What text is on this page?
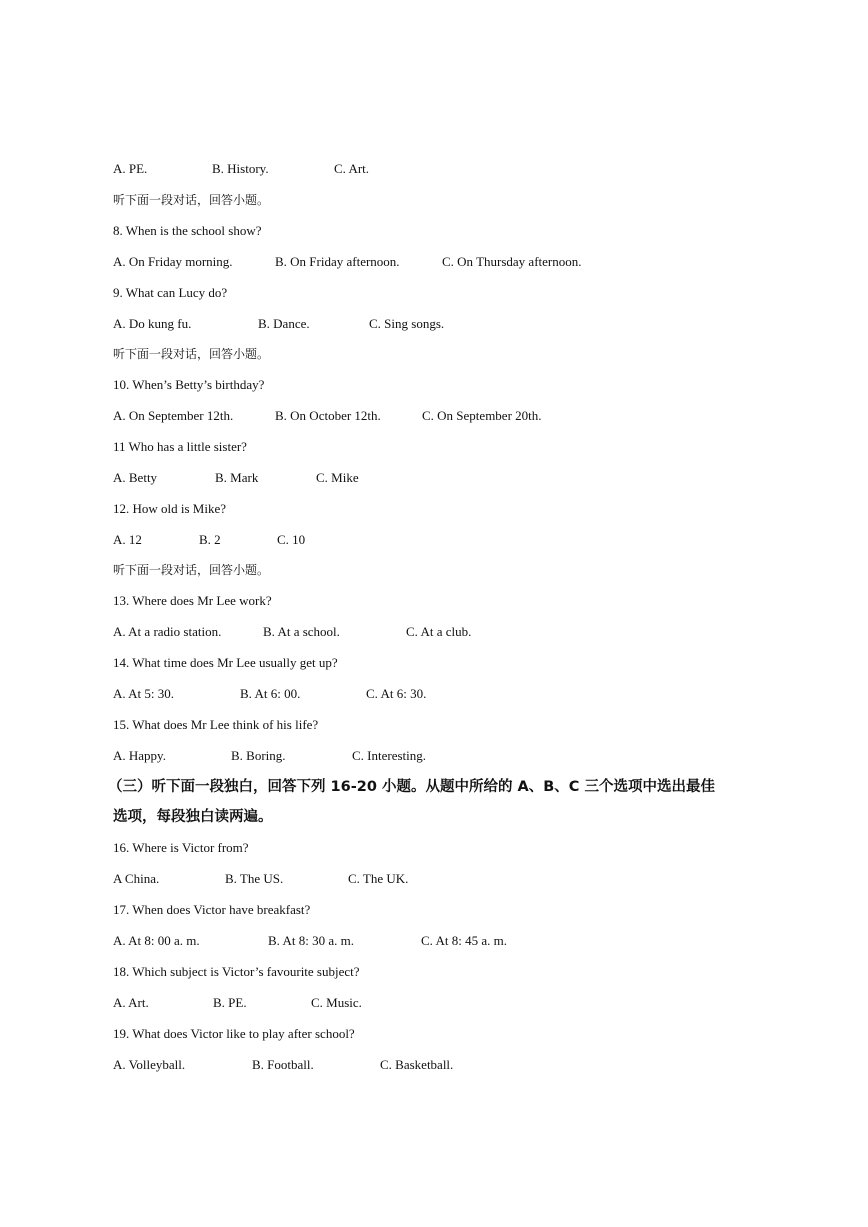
A. PE.	B. History.	C. Art.
听下面一段对话，回答小题。
8. When is the school show?
A. On Friday morning.	B. On Friday afternoon.	C. On Thursday afternoon.
9. What can Lucy do?
A. Do kung fu.	B. Dance.	C. Sing songs.
听下面一段对话，回答小题。
10. When’s Betty’s birthday?
A. On September 12th.	B. On October 12th.	C. On September 20th.
11 Who has a little sister?
A. Betty	B. Mark	C. Mike
12. How old is Mike?
A. 12	B. 2	C. 10
听下面一段对话，回答小题。
13. Where does Mr Lee work?
A. At a radio station.	B. At a school.	C. At a club.
14. What time does Mr Lee usually get up?
A. At 5: 30.	B. At 6: 00.	C. At 6: 30.
15. What does Mr Lee think of his life?
A. Happy.	B. Boring.	C. Interesting.
（三）听下面一段独白，回答下列 16-20 小题。从题中所给的 A、B、C 三个选项中选出最佳
选项，每段独白读两遍。
16. Where is Victor from?
A China.	B. The US.	C. The UK.
17. When does Victor have breakfast?
A. At 8: 00 a. m.	B. At 8: 30 a. m.	C. At 8: 45 a. m.
18. Which subject is Victor’s favourite subject?
A. Art.	B. PE.	C. Music.
19. What does Victor like to play after school?
A. Volleyball.	B. Football.	C. Basketball.
